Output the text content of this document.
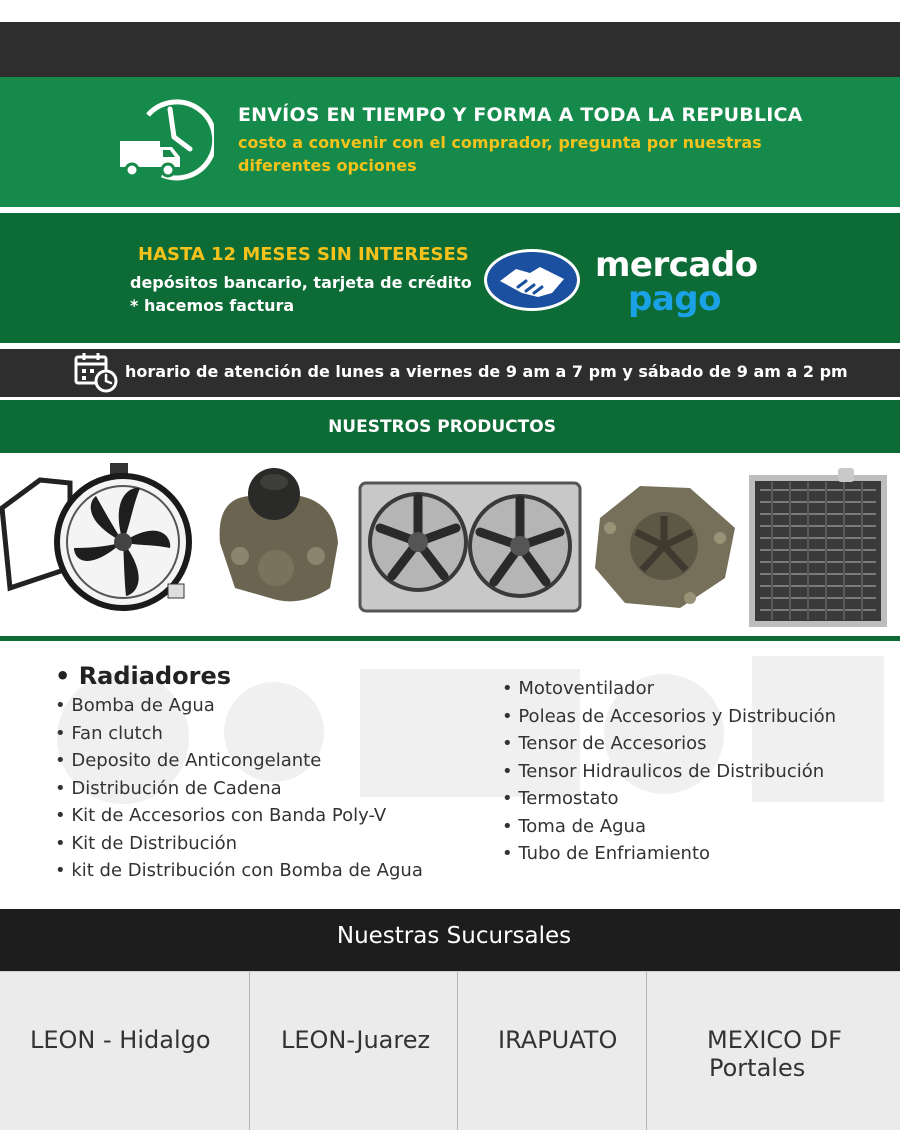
ENVÍOS EN TIEMPO Y FORMA A TODA LA REPUBLICA
costo a convenir con el comprador, pregunta por nuestras diferentes opciones
HASTA 12 MESES SIN INTERESES
depósitos bancario, tarjeta de crédito
* hacemos factura
mercado
pago
horario de atención de lunes a viernes de 9 am a 7 pm y sábado de 9 am a 2 pm
NUESTROS PRODUCTOS
• Radiadores
• Bomba de Agua
• Fan clutch
• Deposito de Anticongelante
• Distribución de Cadena
• Kit de Accesorios con Banda Poly-V
• Kit de Distribución
• kit de Distribución con Bomba de Agua
• Motoventilador
• Poleas de Accesorios y Distribución
• Tensor de Accesorios
• Tensor Hidraulicos de Distribución
• Termostato
• Toma de Agua
• Tubo de Enfriamiento
Nuestras Sucursales
LEON - Hidalgo	LEON-Juarez	IRAPUATO	MEXICO DF
Portales
